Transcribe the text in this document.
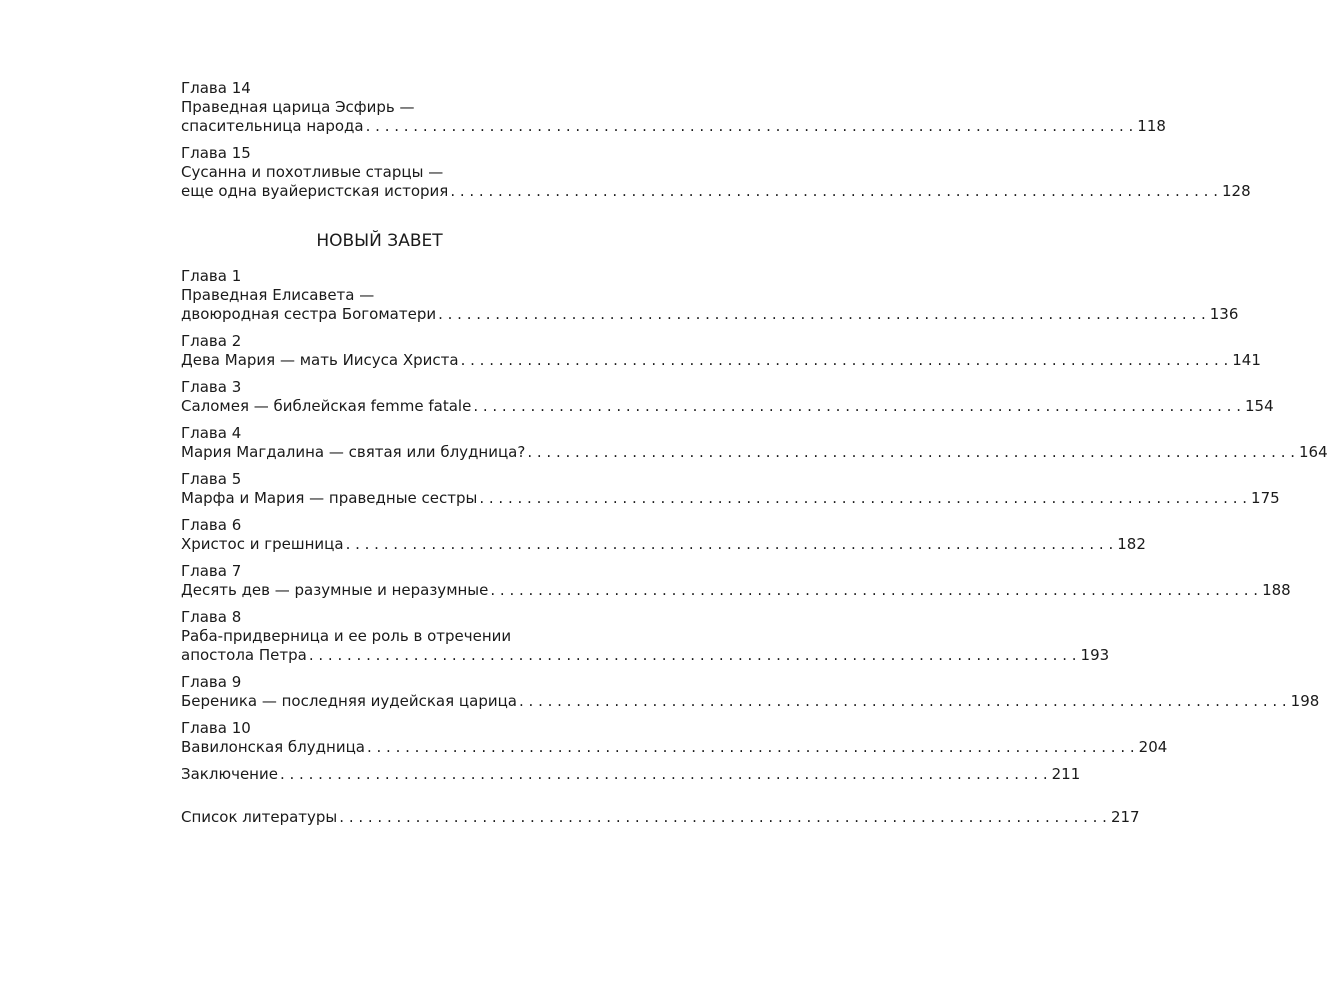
Глава 14
Праведная царица Эсфирь —
спасительница народа . . .	118
Глава 15
Сусанна и похотливые старцы —
еще одна вуайеристская история . . .	128
НОВЫЙ ЗАВЕТ
Глава 1
Праведная Елисавета —
двоюродная сестра Богоматери . . .	136
Глава 2
Дева Мария — мать Иисуса Христа . . .	141
Глава 3
Саломея — библейская femme fatale . . .	154
Глава 4
Мария Магдалина — святая или блудница? . . .	164
Глава 5
Марфа и Мария — праведные сестры . . .	175
Глава 6
Христос и грешница . . .	182
Глава 7
Десять дев — разумные и неразумные . . .	188
Глава 8
Раба-придверница и ее роль в отречении
апостола Петра . . .	193
Глава 9
Береника — последняя иудейская царица . . .	198
Глава 10
Вавилонская блудница . . .	204
Заключение . . .	211
Список литературы . . .	217
